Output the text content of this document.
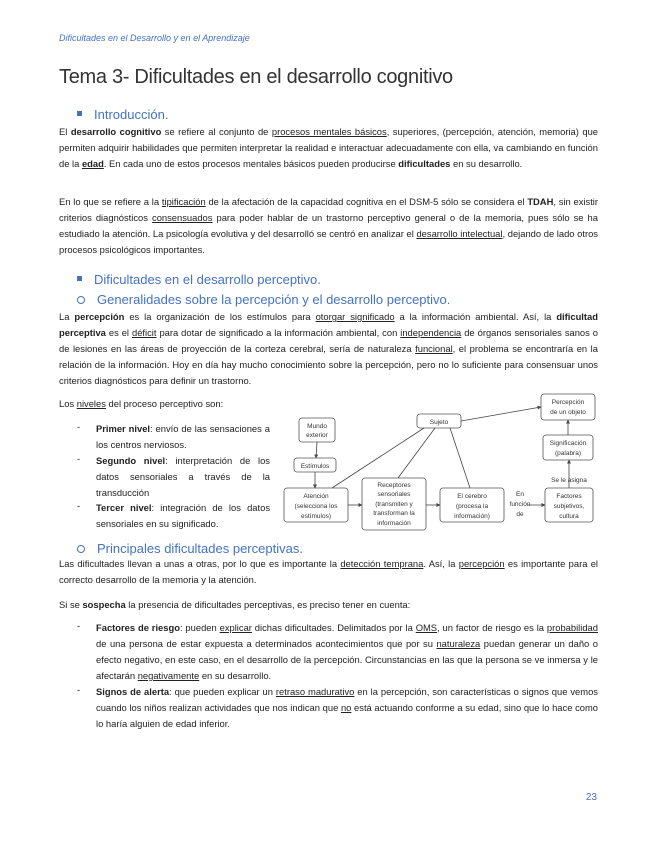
Dificultades en el Desarrollo y en el Aprendizaje
Tema 3- Dificultades en el desarrollo cognitivo
Introducción.
El desarrollo cognitivo se refiere al conjunto de procesos mentales básicos, superiores, (percepción, atención, memoria) que permiten adquirir habilidades que permiten interpretar la realidad e interactuar adecuadamente con ella, va cambiando en función de la edad. En cada uno de estos procesos mentales básicos pueden producirse dificultades en su desarrollo.
En lo que se refiere a la tipificación de la afectación de la capacidad cognitiva en el DSM-5 sólo se considera el TDAH, sin existir criterios diagnósticos consensuados para poder hablar de un trastorno perceptivo general o de la memoria, pues sólo se ha estudiado la atención. La psicología evolutiva y del desarrolló se centró en analizar el desarrollo intelectual, dejando de lado otros procesos psicológicos importantes.
Dificultades en el desarrollo perceptivo.
Generalidades sobre la percepción y el desarrollo perceptivo.
La percepción es la organización de los estímulos para otorgar significado a la información ambiental. Así, la dificultad perceptiva es el déficit para dotar de significado a la información ambiental, con independencia de órganos sensoriales sanos o de lesiones en las áreas de proyección de la corteza cerebral, sería de naturaleza funcional, el problema se encontraría en la relación de la información. Hoy en día hay mucho conocimiento sobre la percepción, pero no lo suficiente para consensuar unos criterios diagnósticos para definir un trastorno.
Los niveles del proceso perceptivo son:
- Primer nivel: envío de las sensaciones a los centros nerviosos.
- Segundo nivel: interpretación de los datos sensoriales a través de la transducción
- Tercer nivel: integración de los datos sensoriales en su significado.
Mundo
exterior
Sujeto
Percepción
de un objeto
Estímulos
Significación
(palabra)
Se le asigna
Atención
(selecciona los
estímulos)
Receptores
sensoriales
(transmiten y
transforman la
información
El cerebro
(procesa la
información)
En
función
de
Factores
subjetivos,
cultura
Principales dificultades perceptivas.
Las dificultades llevan a unas a otras, por lo que es importante la detección temprana. Así, la percepción es importante para el correcto desarrollo de la memoria y la atención.
Si se sospecha la presencia de dificultades perceptivas, es preciso tener en cuenta:
- Factores de riesgo: pueden explicar dichas dificultades. Delimitados por la OMS, un factor de riesgo es la probabilidad de una persona de estar expuesta a determinados acontecimientos que por su naturaleza puedan generar un daño o efecto negativo, en este caso, en el desarrollo de la percepción. Circunstancias en las que la persona se ve inmersa y le afectarán negativamente en su desarrollo.
- Signos de alerta: que pueden explicar un retraso madurativo en la percepción, son características o signos que vemos cuando los niños realizan actividades que nos indican que no está actuando conforme a su edad, sino que lo hace como lo haría alguien de edad inferior.
23
